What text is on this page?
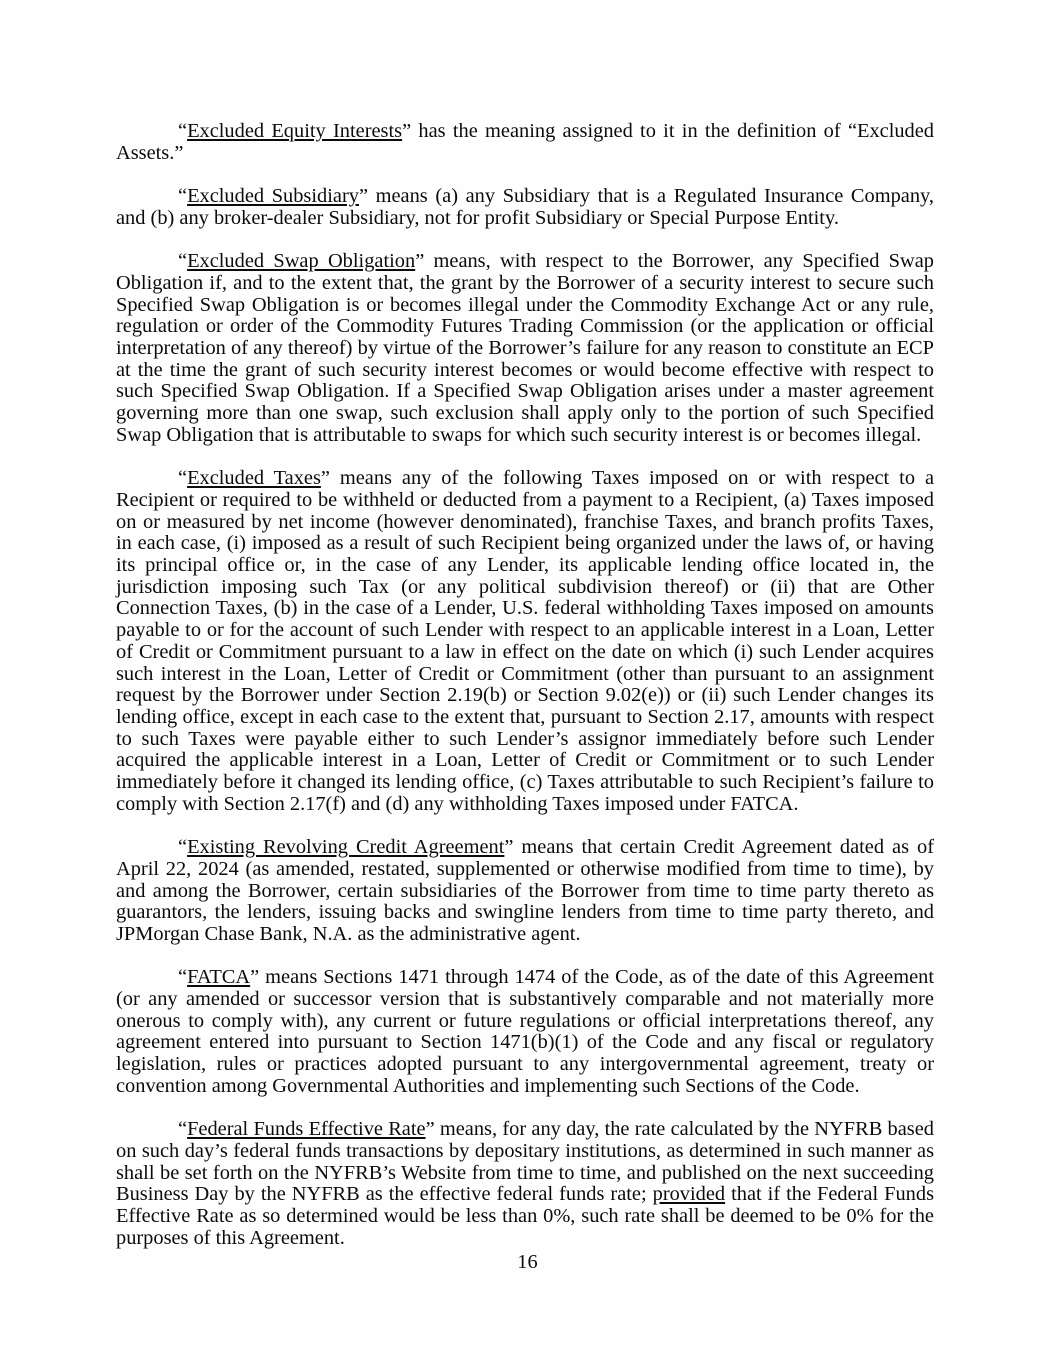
“Excluded Equity Interests” has the meaning assigned to it in the definition of “Excluded Assets.”

“Excluded Subsidiary” means (a) any Subsidiary that is a Regulated Insurance Company, and (b) any broker-dealer Subsidiary, not for profit Subsidiary or Special Purpose Entity.

“Excluded Swap Obligation” means, with respect to the Borrower, any Specified Swap Obligation if, and to the extent that, the grant by the Borrower of a security interest to secure such Specified Swap Obligation is or becomes illegal under the Commodity Exchange Act or any rule, regulation or order of the Commodity Futures Trading Commission (or the application or official interpretation of any thereof) by virtue of the Borrower’s failure for any reason to constitute an ECP at the time the grant of such security interest becomes or would become effective with respect to such Specified Swap Obligation. If a Specified Swap Obligation arises under a master agreement governing more than one swap, such exclusion shall apply only to the portion of such Specified Swap Obligation that is attributable to swaps for which such security interest is or becomes illegal.

“Excluded Taxes” means any of the following Taxes imposed on or with respect to a Recipient or required to be withheld or deducted from a payment to a Recipient, (a) Taxes imposed on or measured by net income (however denominated), franchise Taxes, and branch profits Taxes, in each case, (i) imposed as a result of such Recipient being organized under the laws of, or having its principal office or, in the case of any Lender, its applicable lending office located in, the jurisdiction imposing such Tax (or any political subdivision thereof) or (ii) that are Other Connection Taxes, (b) in the case of a Lender, U.S. federal withholding Taxes imposed on amounts payable to or for the account of such Lender with respect to an applicable interest in a Loan, Letter of Credit or Commitment pursuant to a law in effect on the date on which (i) such Lender acquires such interest in the Loan, Letter of Credit or Commitment (other than pursuant to an assignment request by the Borrower under Section 2.19(b) or Section 9.02(e)) or (ii) such Lender changes its lending office, except in each case to the extent that, pursuant to Section 2.17, amounts with respect to such Taxes were payable either to such Lender’s assignor immediately before such Lender acquired the applicable interest in a Loan, Letter of Credit or Commitment or to such Lender immediately before it changed its lending office, (c) Taxes attributable to such Recipient’s failure to comply with Section 2.17(f) and (d) any withholding Taxes imposed under FATCA.

“Existing Revolving Credit Agreement” means that certain Credit Agreement dated as of April 22, 2024 (as amended, restated, supplemented or otherwise modified from time to time), by and among the Borrower, certain subsidiaries of the Borrower from time to time party thereto as guarantors, the lenders, issuing backs and swingline lenders from time to time party thereto, and JPMorgan Chase Bank, N.A. as the administrative agent.

“FATCA” means Sections 1471 through 1474 of the Code, as of the date of this Agreement (or any amended or successor version that is substantively comparable and not materially more onerous to comply with), any current or future regulations or official interpretations thereof, any agreement entered into pursuant to Section 1471(b)(1) of the Code and any fiscal or regulatory legislation, rules or practices adopted pursuant to any intergovernmental agreement, treaty or convention among Governmental Authorities and implementing such Sections of the Code.

“Federal Funds Effective Rate” means, for any day, the rate calculated by the NYFRB based on such day’s federal funds transactions by depositary institutions, as determined in such manner as shall be set forth on the NYFRB’s Website from time to time, and published on the next succeeding Business Day by the NYFRB as the effective federal funds rate; provided that if the Federal Funds Effective Rate as so determined would be less than 0%, such rate shall be deemed to be 0% for the purposes of this Agreement.

16
